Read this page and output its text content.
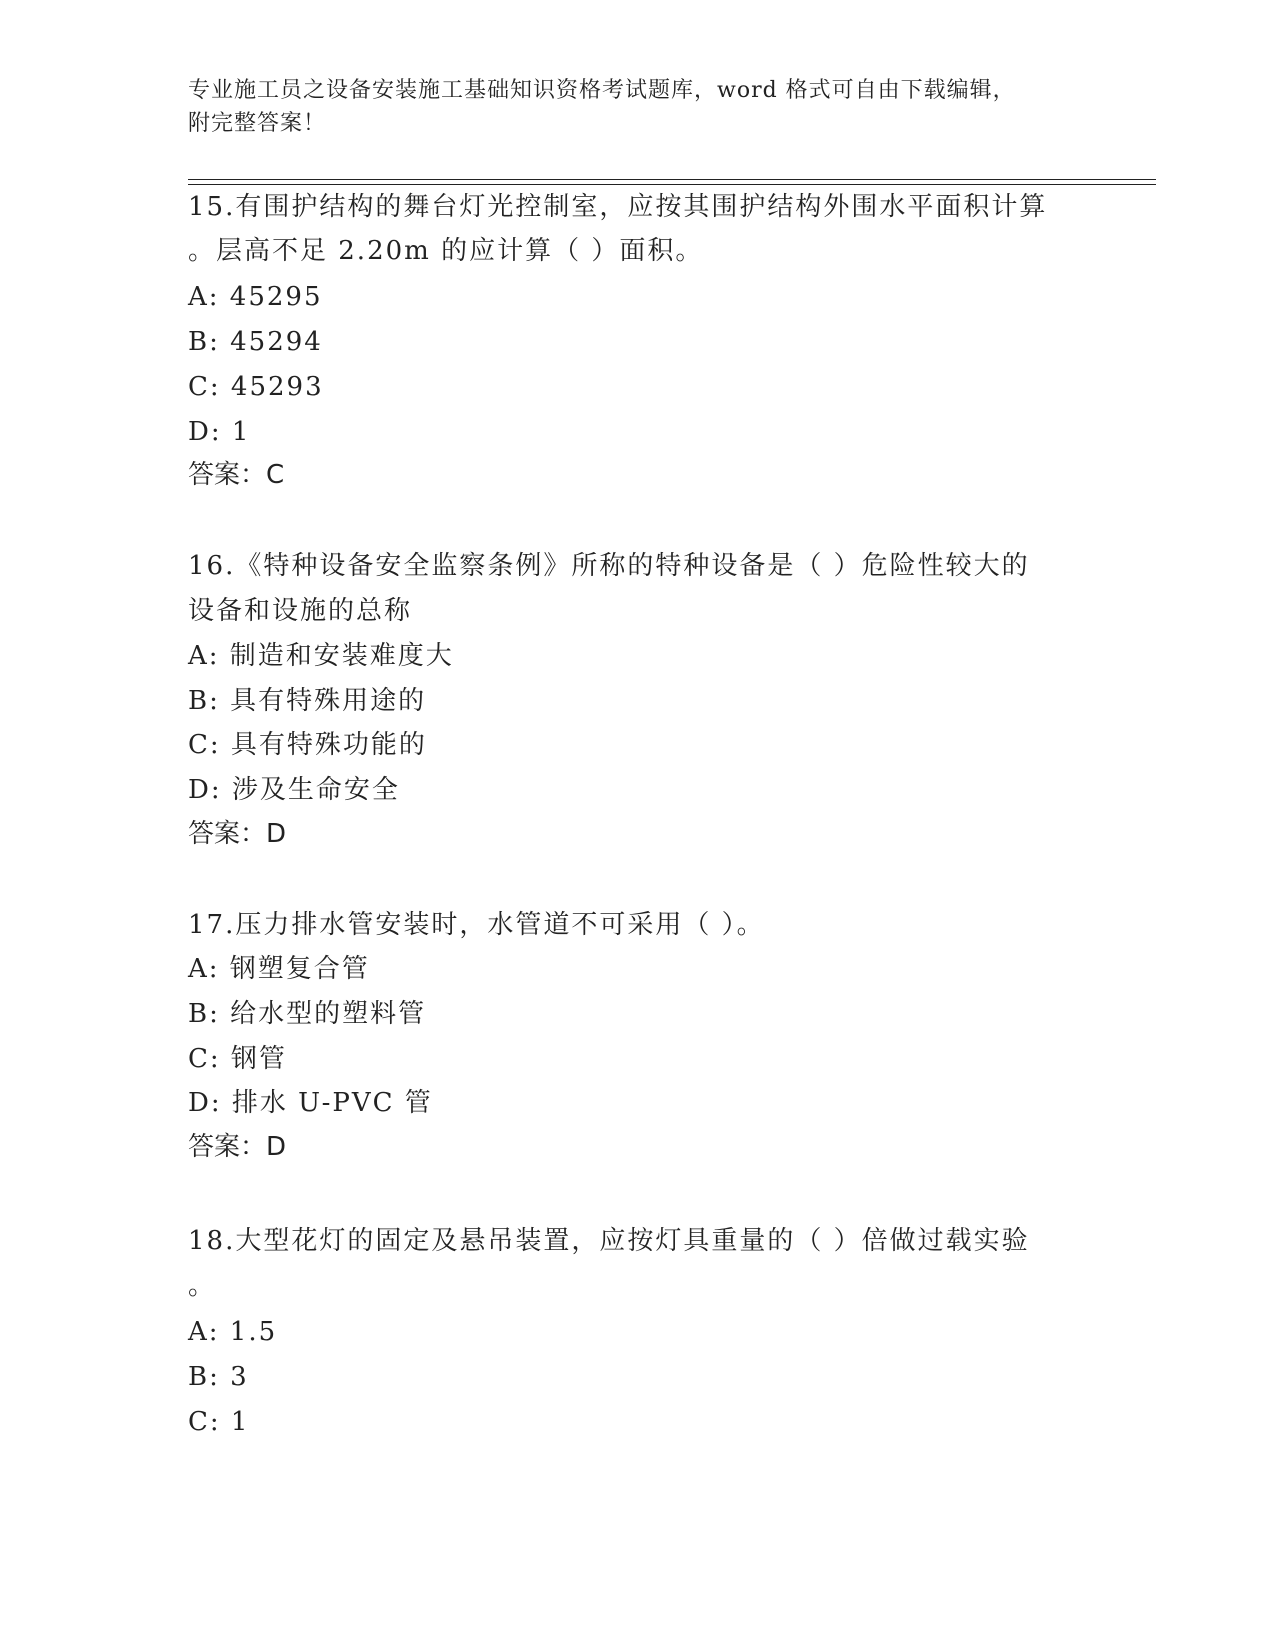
专业施工员之设备安装施工基础知识资格考试题库，word 格式可自由下载编辑，
附完整答案！
15.有围护结构的舞台灯光控制室，应按其围护结构外围水平面积计算
。层高不足 2.20m 的应计算（ ）面积。
A: 45295
B: 45294
C: 45293
D: 1
答案：C
16.《特种设备安全监察条例》所称的特种设备是（ ）危险性较大的
设备和设施的总称
A: 制造和安装难度大
B: 具有特殊用途的
C: 具有特殊功能的
D: 涉及生命安全
答案：D
17.压力排水管安装时，水管道不可采用（ ）。
A: 钢塑复合管
B: 给水型的塑料管
C: 钢管
D: 排水 U-PVC 管
答案：D
18.大型花灯的固定及悬吊装置，应按灯具重量的（ ）倍做过载实验
。
A: 1.5
B: 3
C: 1
